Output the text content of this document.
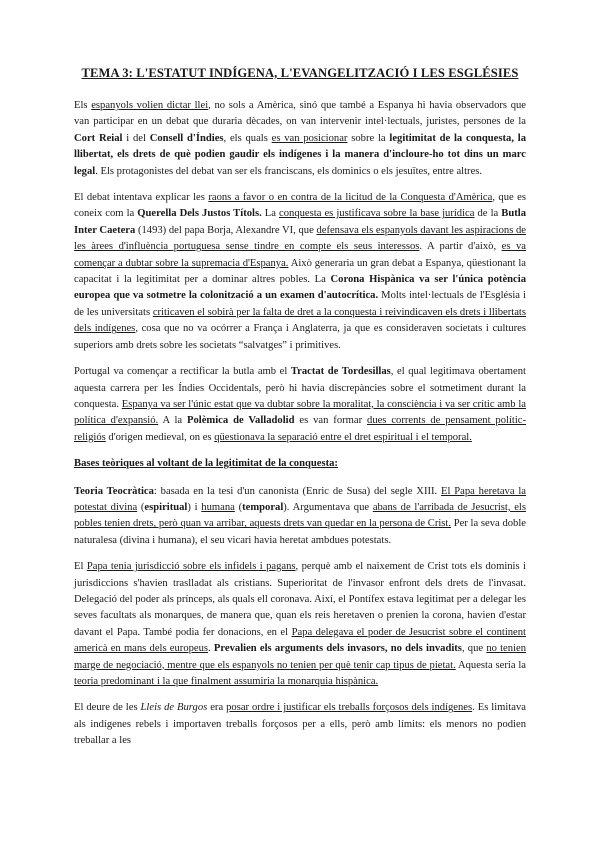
TEMA 3: L'ESTATUT INDÍGENA, L'EVANGELITZACIÓ I LES ESGLÉSIES

Els espanyols volien dictar llei, no sols a Amèrica, sinó que també a Espanya hi havia observadors que van participar en un debat que duraria dècades, on van intervenir intel·lectuals, juristes, persones de la Cort Reial i del Consell d'Índies, els quals es van posicionar sobre la legitimitat de la conquesta, la llibertat, els drets de què podien gaudir els indígenes i la manera d'incloure-ho tot dins un marc legal. Els protagonistes del debat van ser els franciscans, els dominics o els jesuïtes, entre altres.

El debat intentava explicar les raons a favor o en contra de la licitud de la Conquesta d'Amèrica, que es coneix com la Querella Dels Justos Títols. La conquesta es justificava sobre la base jurídica de la Butla Inter Caetera (1493) del papa Borja, Alexandre VI, que defensava els espanyols davant les aspiracions de les àrees d'influència portuguesa sense tindre en compte els seus interessos. A partir d'això, es va començar a dubtar sobre la supremacia d'Espanya. Això generaria un gran debat a Espanya, qüestionant la capacitat i la legitimitat per a dominar altres pobles. La Corona Hispànica va ser l'única potència europea que va sotmetre la colonització a un examen d'autocrítica. Molts intel·lectuals de l'Església i de les universitats criticaven el sobirà per la falta de dret a la conquesta i reivindicaven els drets i llibertats dels indígenes, cosa que no va ocórrer a França i Anglaterra, ja que es consideraven societats i cultures superiors amb drets sobre les societats “salvatges” i primitives.

Portugal va començar a rectificar la butla amb el Tractat de Tordesillas, el qual legitimava obertament aquesta carrera per les Índies Occidentals, però hi havia discrepàncies sobre el sotmetiment durant la conquesta. Espanya va ser l'únic estat que va dubtar sobre la moralitat, la consciència i va ser crític amb la política d'expansió. A la Polèmica de Valladolid es van formar dues corrents de pensament polític-religiós d'origen medieval, on es qüestionava la separació entre el dret espiritual i el temporal.

Bases teòriques al voltant de la legitimitat de la conquesta:

Teoria Teocràtica: basada en la tesi d'un canonista (Enric de Susa) del segle XIII. El Papa heretava la potestat divina (espiritual) i humana (temporal). Argumentava que abans de l'arribada de Jesucrist, els pobles tenien drets, però quan va arribar, aquests drets van quedar en la persona de Crist. Per la seva doble naturalesa (divina i humana), el seu vicari havia heretat ambdues potestats.

El Papa tenia jurisdicció sobre els infidels i pagans, perquè amb el naixement de Crist tots els dominis i jurisdiccions s'havien traslladat als cristians. Superioritat de l'invasor enfront dels drets de l'invasat. Delegació del poder als prínceps, als quals ell coronava. Així, el Pontífex estava legitimat per a delegar les seves facultats als monarques, de manera que, quan els reis heretaven o prenien la corona, havien d'estar davant el Papa. També podia fer donacions, en el Papa delegava el poder de Jesucrist sobre el continent americà en mans dels europeus. Prevalien els arguments dels invasors, no dels invadits, que no tenien marge de negociació, mentre que els espanyols no tenien per què tenir cap tipus de pietat. Aquesta seria la teoria predominant i la que finalment assumiria la monarquia hispànica.

El deure de les Lleis de Burgos era posar ordre i justificar els treballs forçosos dels indígenes. Es limitava als indígenes rebels i importaven treballs forçosos per a ells, però amb límits: els menors no podien treballar a les
